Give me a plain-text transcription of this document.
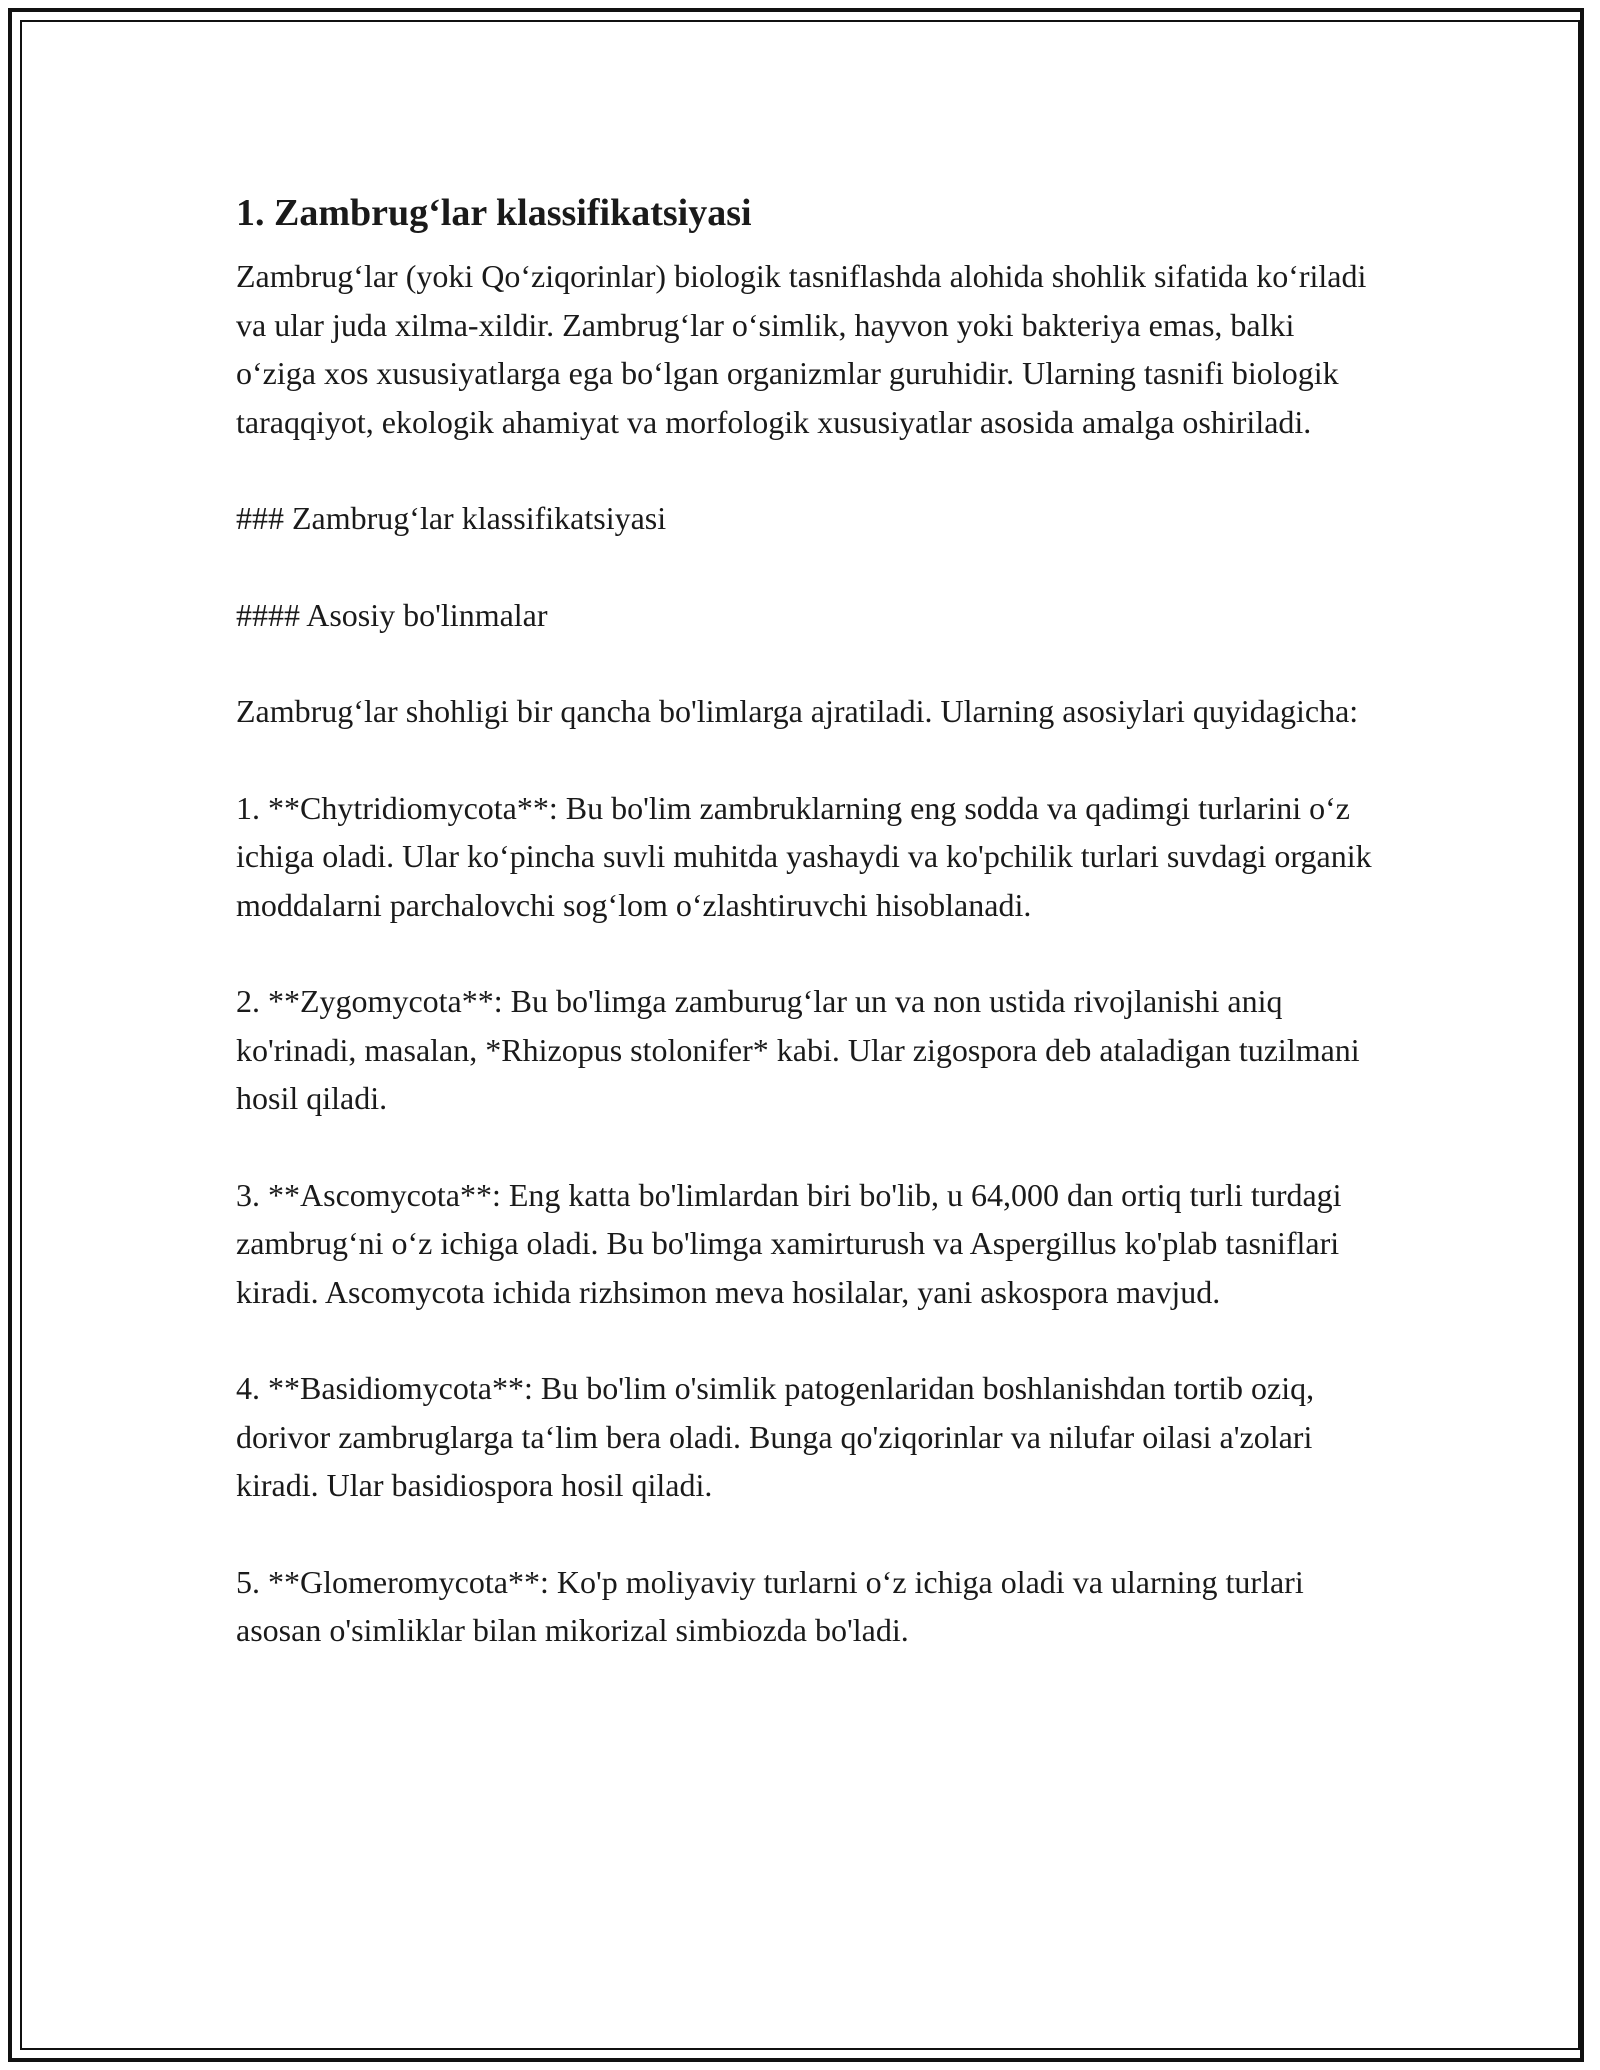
1. Zambrug‘lar klassifikatsiyasi

Zambrug‘lar (yoki Qo‘ziqorinlar) biologik tasniflashda alohida shohlik sifatida ko‘riladi va ular juda xilma-xildir. Zambrug‘lar o‘simlik, hayvon yoki bakteriya emas, balki o‘ziga xos xususiyatlarga ega bo‘lgan organizmlar guruhidir. Ularning tasnifi biologik taraqqiyot, ekologik ahamiyat va morfologik xususiyatlar asosida amalga oshiriladi.

### Zambrug‘lar klassifikatsiyasi

#### Asosiy bo'linmalar

Zambrug‘lar shohligi bir qancha bo'limlarga ajratiladi. Ularning asosiylari quyidagicha:

1. **Chytridiomycota**: Bu bo'lim zambruklarning eng sodda va qadimgi turlarini o‘z ichiga oladi. Ular ko‘pincha suvli muhitda yashaydi va ko'pchilik turlari suvdagi organik moddalarni parchalovchi sog‘lom o‘zlashtiruvchi hisoblanadi.

2. **Zygomycota**: Bu bo'limga zamburug‘lar un va non ustida rivojlanishi aniq ko'rinadi, masalan, *Rhizopus stolonifer* kabi. Ular zigospora deb ataladigan tuzilmani hosil qiladi.

3. **Ascomycota**: Eng katta bo'limlardan biri bo'lib, u 64,000 dan ortiq turli turdagi zambrug‘ni o‘z ichiga oladi. Bu bo'limga xamirturush va Aspergillus ko'plab tasniflari kiradi. Ascomycota ichida rizhsimon meva hosilalar, yani askospora mavjud.

4. **Basidiomycota**: Bu bo'lim o'simlik patogenlaridan boshlanishdan tortib oziq, dorivor zambruglarga ta‘lim bera oladi. Bunga qo'ziqorinlar va nilufar oilasi a'zolari kiradi. Ular basidiospora hosil qiladi.

5. **Glomeromycota**: Ko'p moliyaviy turlarni o‘z ichiga oladi va ularning turlari asosan o'simliklar bilan mikorizal simbiozda bo'ladi.
